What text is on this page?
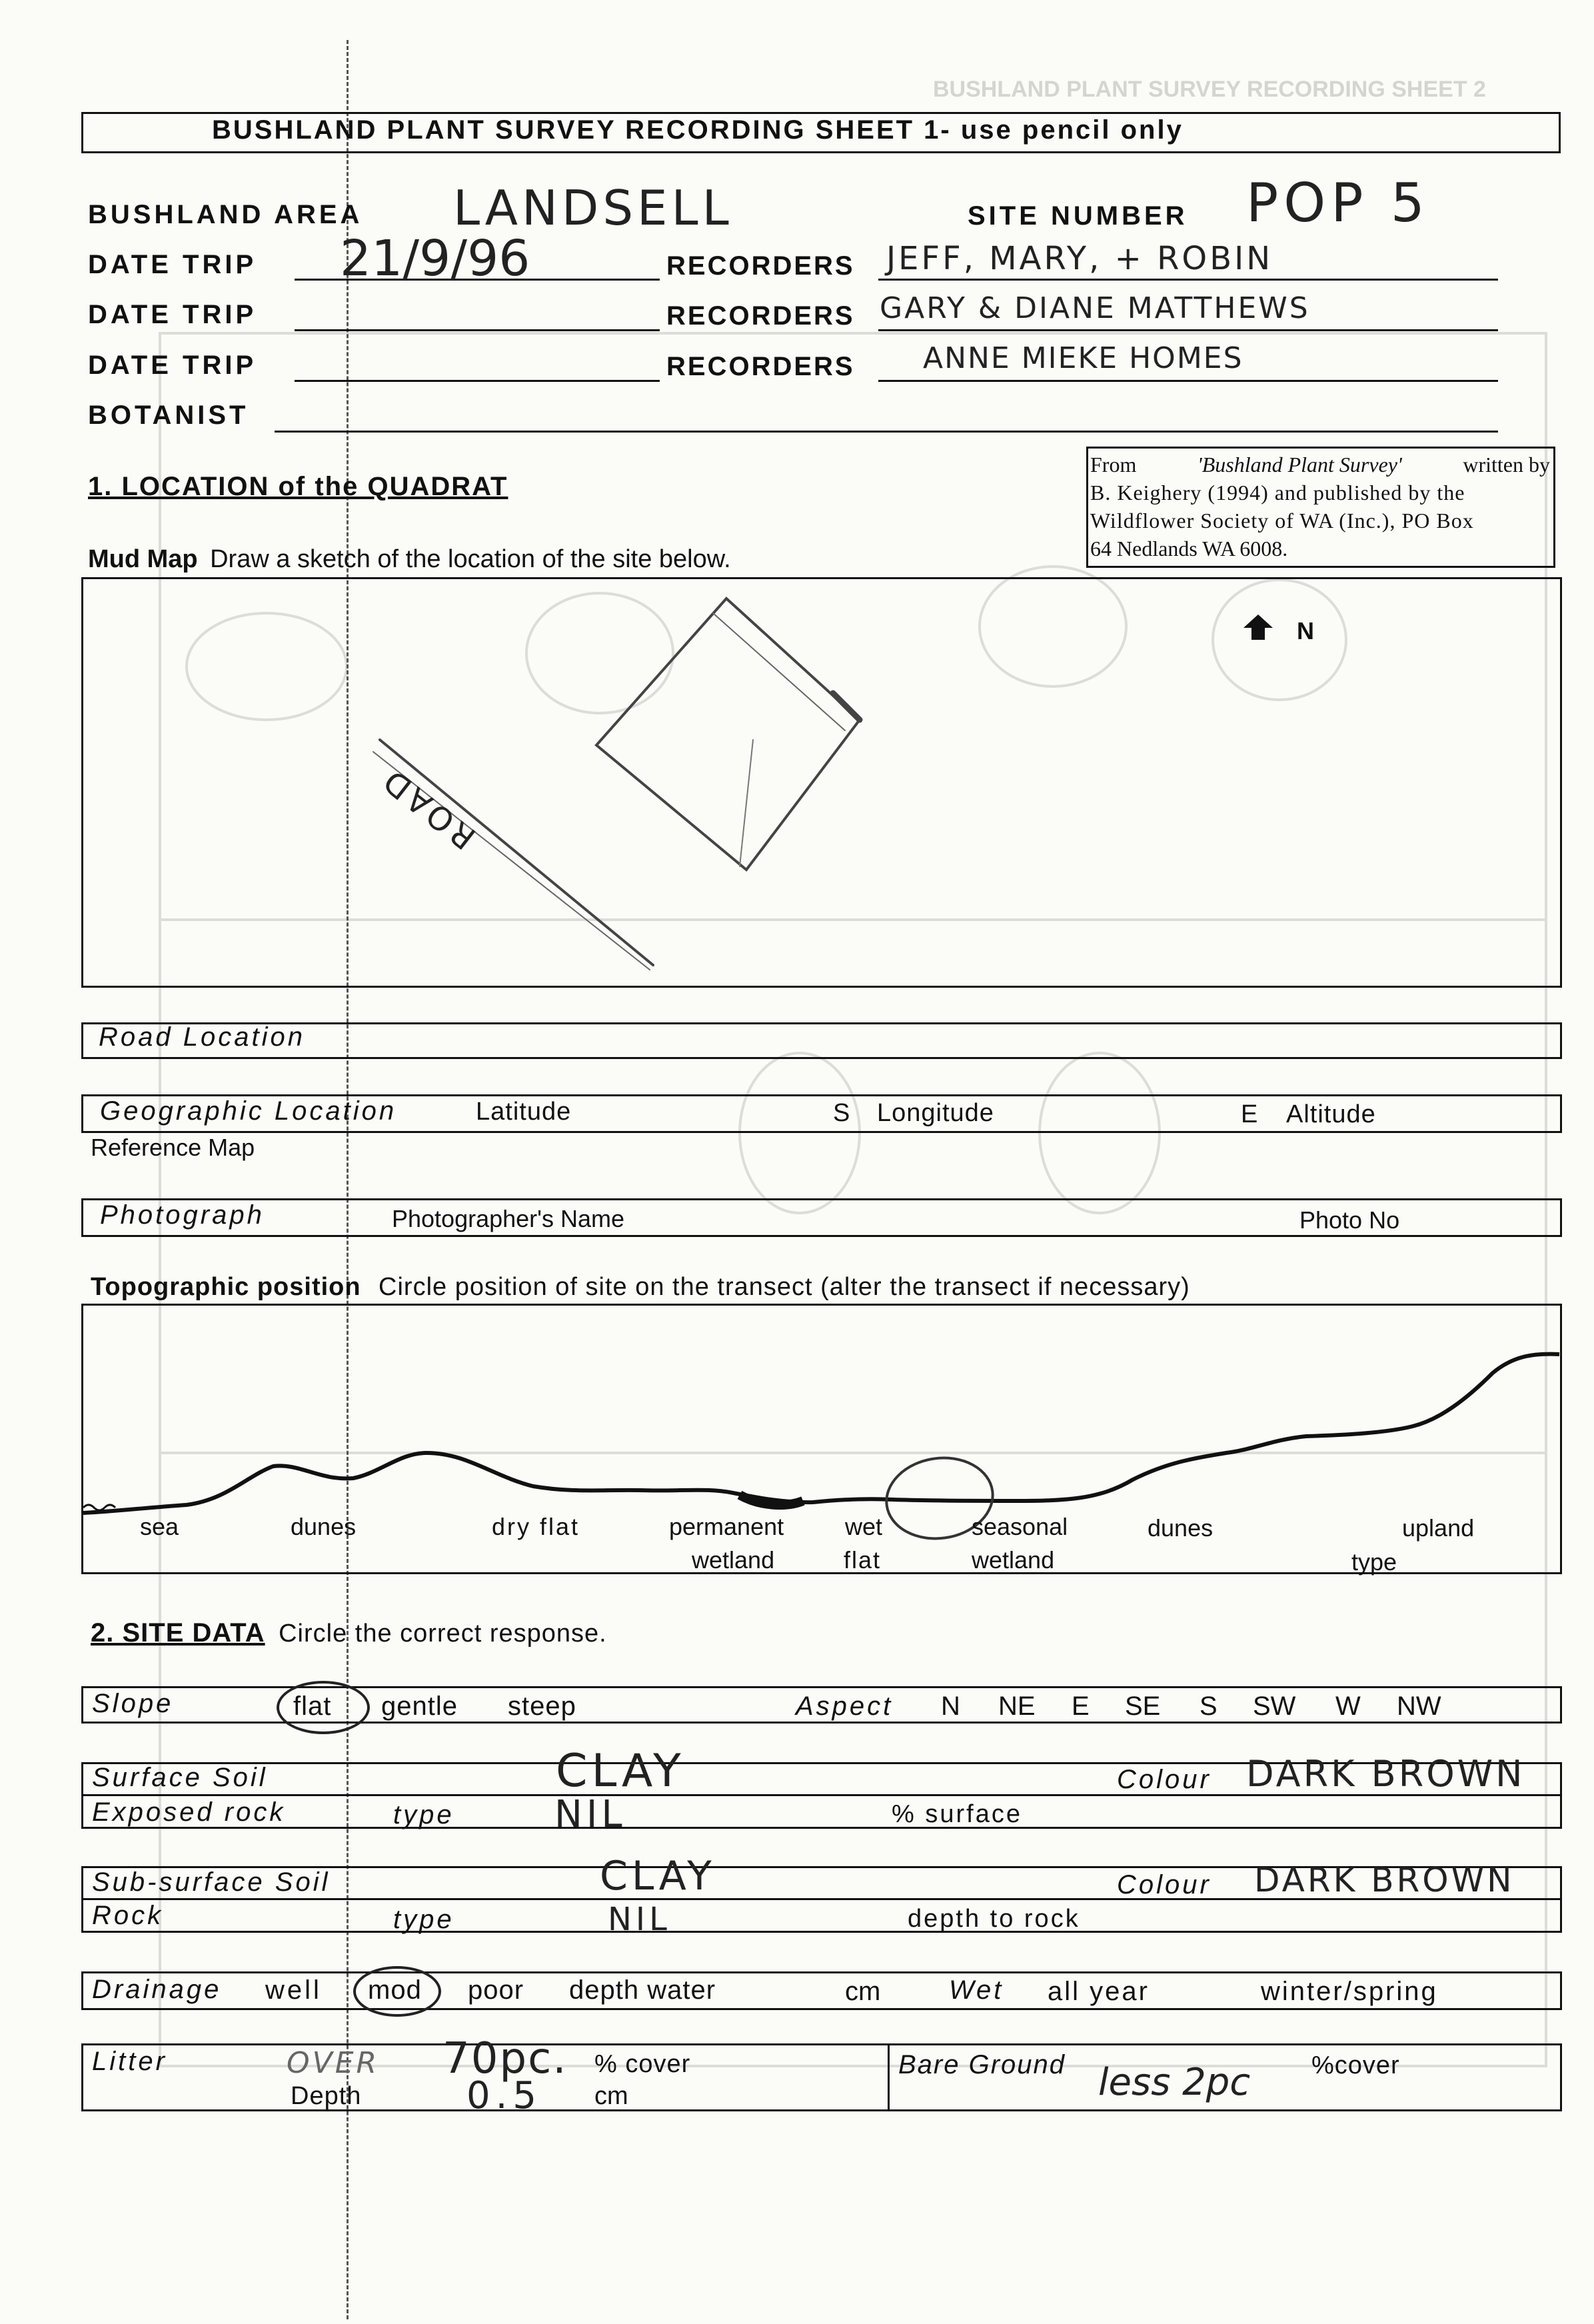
BUSHLAND PLANT SURVEY RECORDING SHEET 2
BUSHLAND PLANT SURVEY RECORDING SHEET 1- use pencil only
BUSHLAND AREA LANDSELL	SITE NUMBER POP 5
DATE TRIP 21/9/96	RECORDERS JEFF, MARY, + ROBIN
DATE TRIP	RECORDERS GARY & DIANE MATTHEWS
DATE TRIP	RECORDERS ANNE MIEKE HOMES
BOTANIST
1. LOCATION of the QUADRAT
From	'Bushland Plant Survey'	written by
B. Keighery (1994) and published by the
Wildflower Society of WA (Inc.), PO Box
64 Nedlands WA 6008.
Mud Map Draw a sketch of the location of the site below.
ROAD
N
Road Location
Geographic Location	Latitude	S Longitude	E Altitude
Reference Map
Photograph	Photographer's Name	Photo No
Topographic position Circle position of site on the transect (alter the transect if necessary)
sea	dunes	dry flat	permanent
wetland
wet
flat
seasonal
wetland
dunes	upland
type
2. SITE DATA Circle the correct response.
Slope	flat gentle steep	Aspect N NE E SE S SW W NW
Surface Soil	CLAY	Colour DARK BROWN
Exposed rock	type	NIL	% surface
Sub-surface Soil	CLAY	Colour DARK BROWN
Rock	type	NIL	depth to rock
Drainage well mod poor depth water	cm	Wet all year	winter/spring
Litter	OVER 70pc. % cover
Depth	0.5 cm
Bare Ground less 2pc %cover
